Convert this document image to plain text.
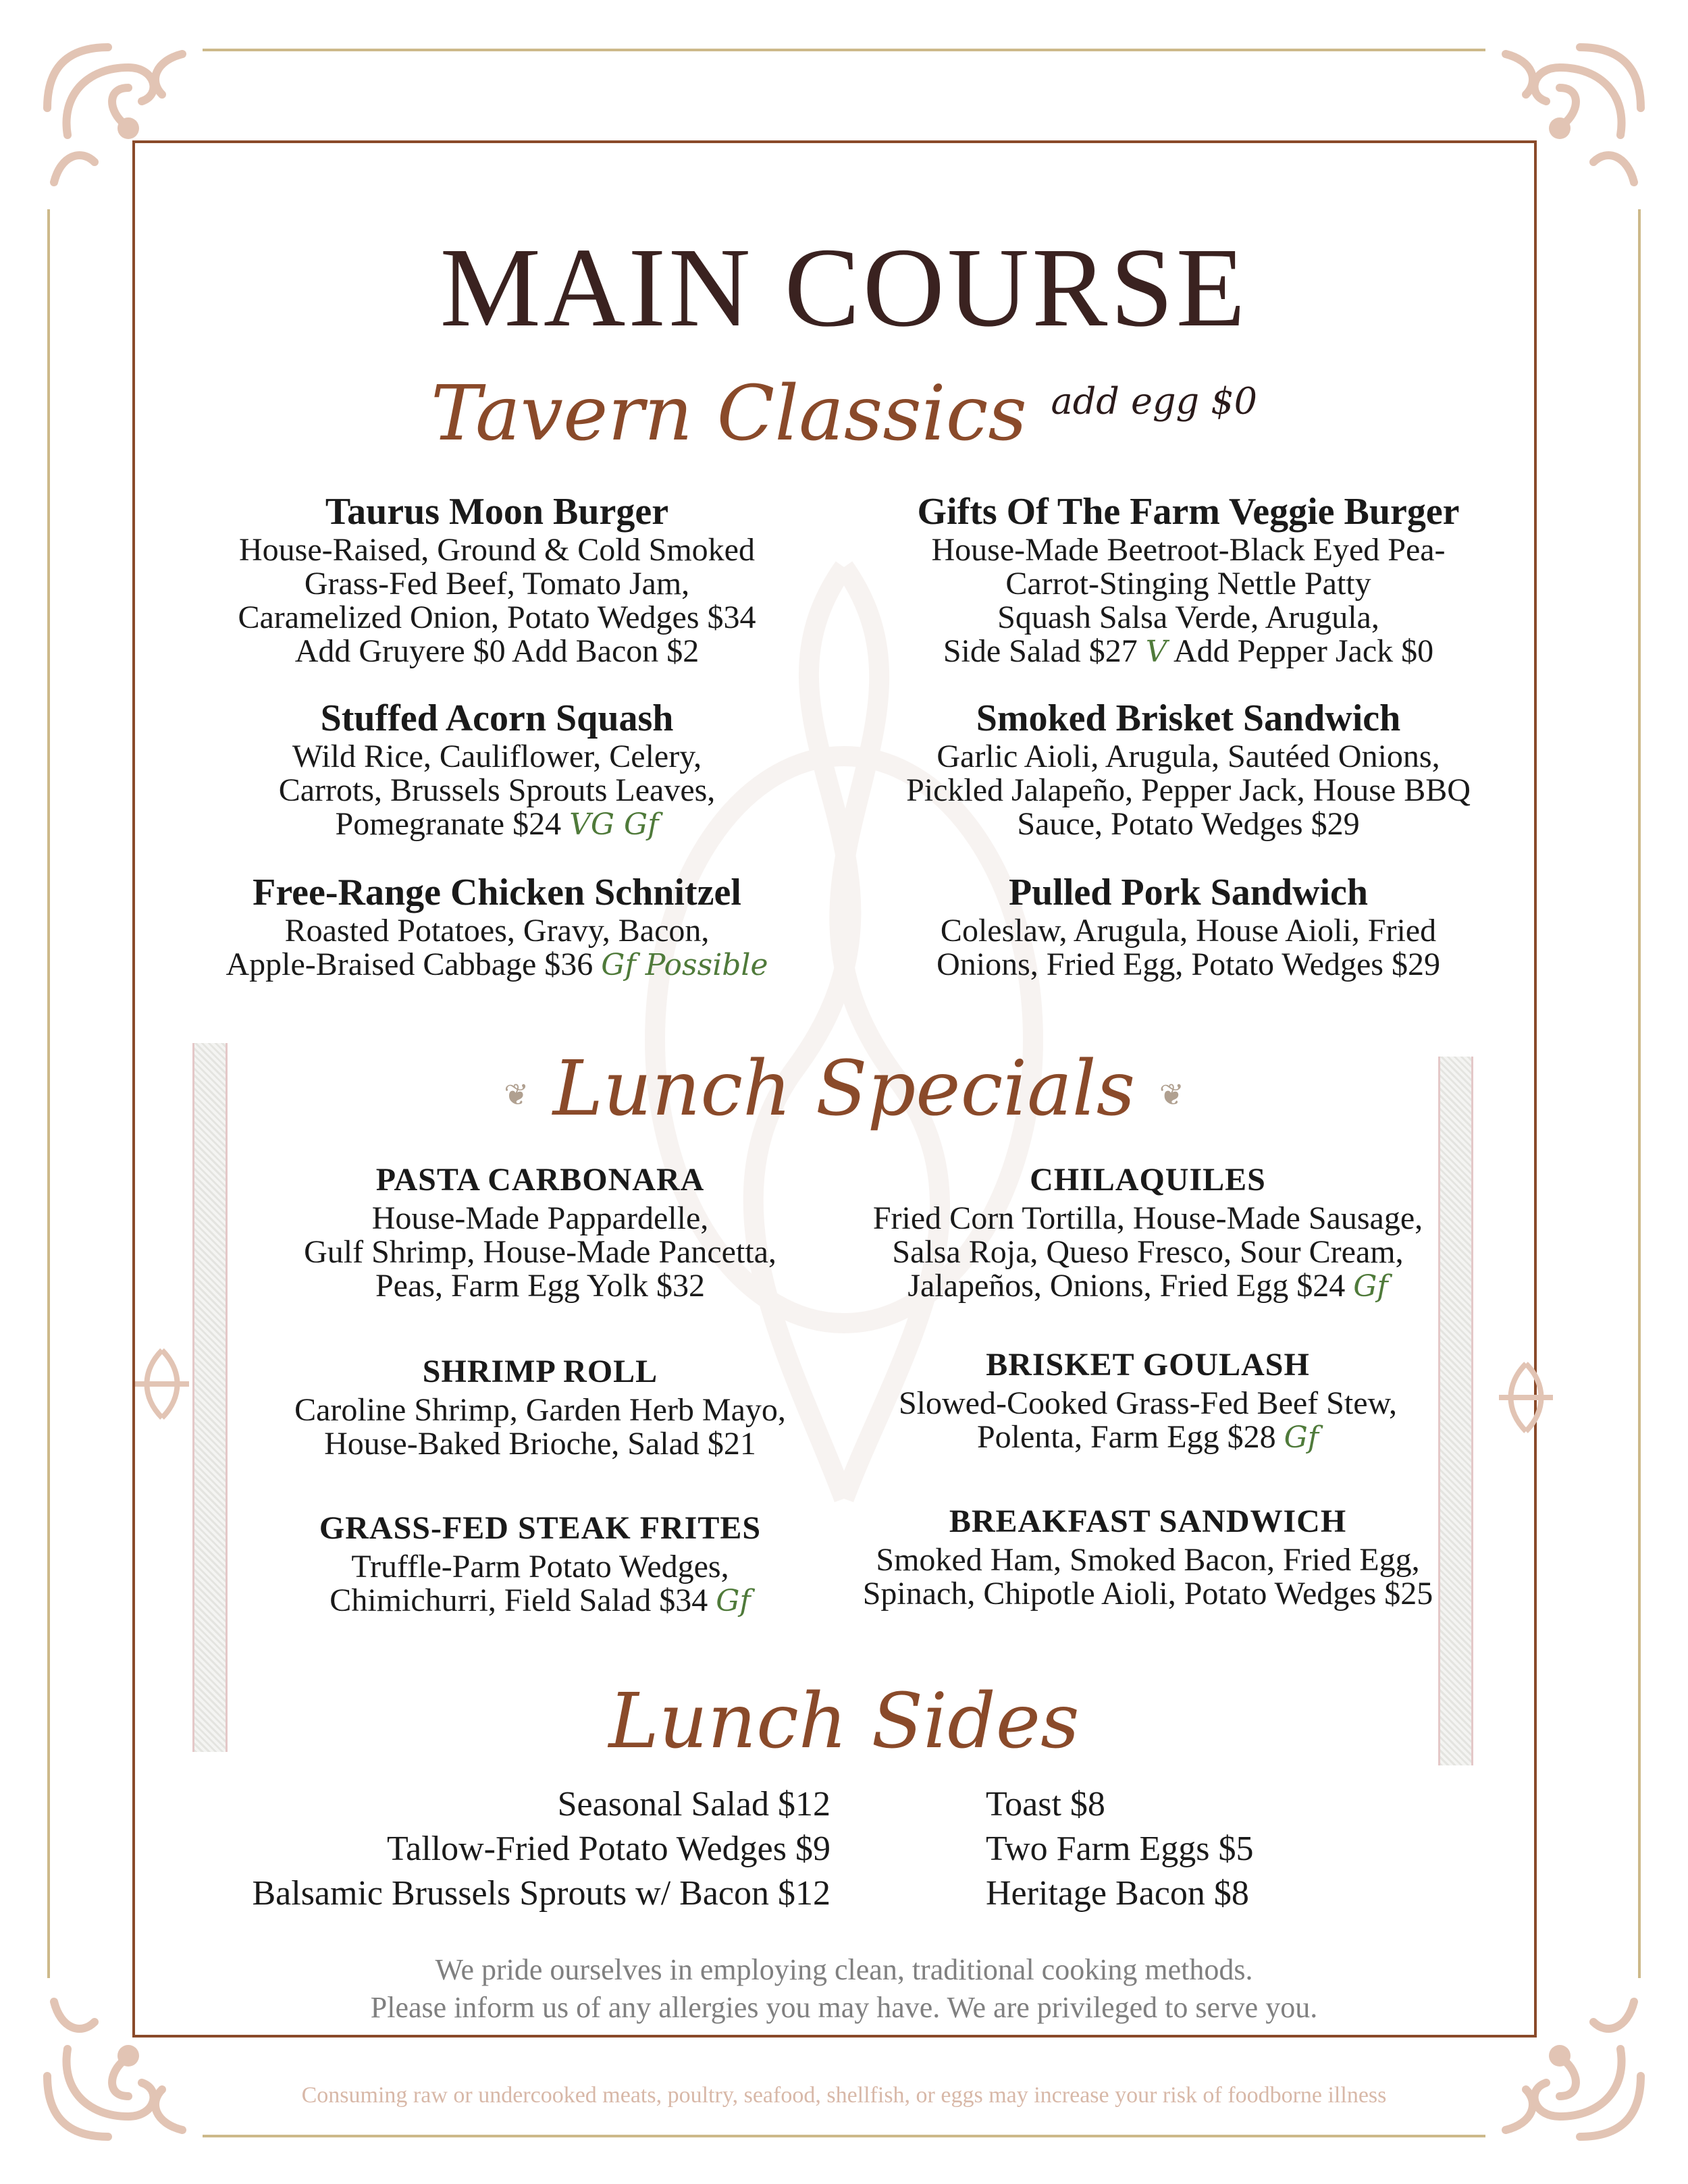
MAIN COURSE
Tavern Classics $^{add egg \$0}$
Taurus Moon Burger
House-Raised, Ground & Cold Smoked
Grass-Fed Beef, Tomato Jam,
Caramelized Onion, Potato Wedges $34
Add Gruyere $0 Add Bacon $2
Gifts Of The Farm Veggie Burger
House-Made Beetroot-Black Eyed Pea-
Carrot-Stinging Nettle Patty
Squash Salsa Verde, Arugula,
Side Salad $27 V Add Pepper Jack $0
Stuffed Acorn Squash
Wild Rice, Cauliflower, Celery,
Carrots, Brussels Sprouts Leaves,
Pomegranate $24 VG Gf
Smoked Brisket Sandwich
Garlic Aioli, Arugula, Sautéed Onions,
Pickled Jalapeño, Pepper Jack, House BBQ
Sauce, Potato Wedges $29
Free-Range Chicken Schnitzel
Roasted Potatoes, Gravy, Bacon,
Apple-Braised Cabbage $36 Gf Possible
Pulled Pork Sandwich
Coleslaw, Arugula, House Aioli, Fried
Onions, Fried Egg, Potato Wedges $29
❦ Lunch Specials ❦
PASTA CARBONARA
House-Made Pappardelle,
Gulf Shrimp, House-Made Pancetta,
Peas, Farm Egg Yolk $32
CHILAQUILES
Fried Corn Tortilla, House-Made Sausage,
Salsa Roja, Queso Fresco, Sour Cream,
Jalapeños, Onions, Fried Egg $24 Gf
SHRIMP ROLL
Caroline Shrimp, Garden Herb Mayo,
House-Baked Brioche, Salad $21
BRISKET GOULASH
Slowed-Cooked Grass-Fed Beef Stew,
Polenta, Farm Egg $28 Gf
GRASS-FED STEAK FRITES
Truffle-Parm Potato Wedges,
Chimichurri, Field Salad $34 Gf
BREAKFAST SANDWICH
Smoked Ham, Smoked Bacon, Fried Egg,
Spinach, Chipotle Aioli, Potato Wedges $25
Lunch Sides
Seasonal Salad $12
Tallow-Fried Potato Wedges $9
Balsamic Brussels Sprouts w/ Bacon $12
Toast $8
Two Farm Eggs $5
Heritage Bacon $8
We pride ourselves in employing clean, traditional cooking methods.
Please inform us of any allergies you may have. We are privileged to serve you.
Consuming raw or undercooked meats, poultry, seafood, shellfish, or eggs may increase your risk of foodborne illness
